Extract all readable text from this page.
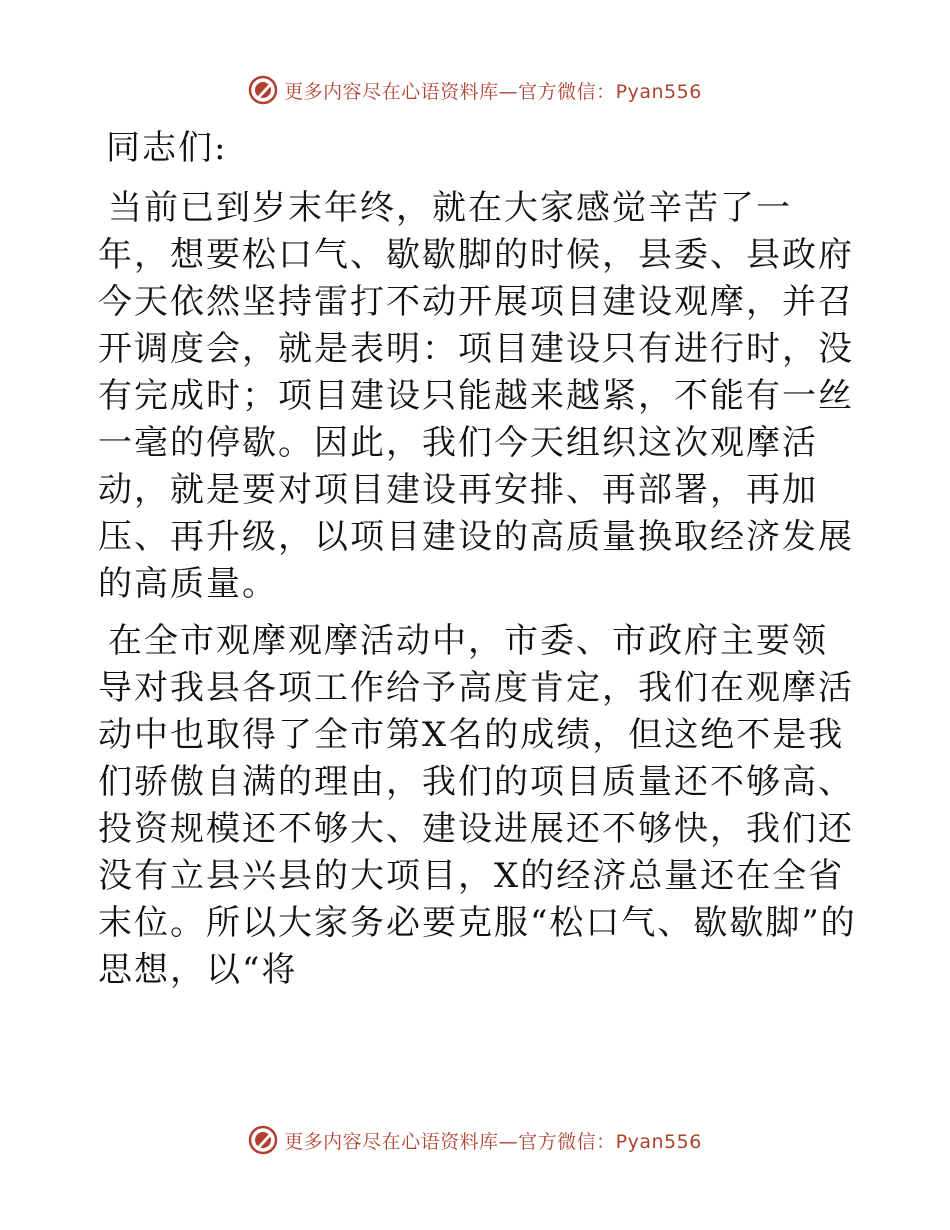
更多内容尽在心语资料库—官方微信：Pyan556

同志们:

当前已到岁末年终，就在大家感觉辛苦了一年，想要松口气、歇歇脚的时候，县委、县政府今天依然坚持雷打不动开展项目建设观摩，并召开调度会，就是表明：项目建设只有进行时，没有完成时；项目建设只能越来越紧，不能有一丝一毫的停歇。因此，我们今天组织这次观摩活动，就是要对项目建设再安排、再部署，再加压、再升级，以项目建设的高质量换取经济发展的高质量。

在全市观摩观摩活动中，市委、市政府主要领导对我县各项工作给予高度肯定，我们在观摩活动中也取得了全市第X名的成绩，但这绝不是我们骄傲自满的理由，我们的项目质量还不够高、投资规模还不够大、建设进展还不够快，我们还没有立县兴县的大项目，X的经济总量还在全省末位。所以大家务必要克服“松口气、歇歇脚”的思想，以“将

更多内容尽在心语资料库—官方微信：Pyan556
